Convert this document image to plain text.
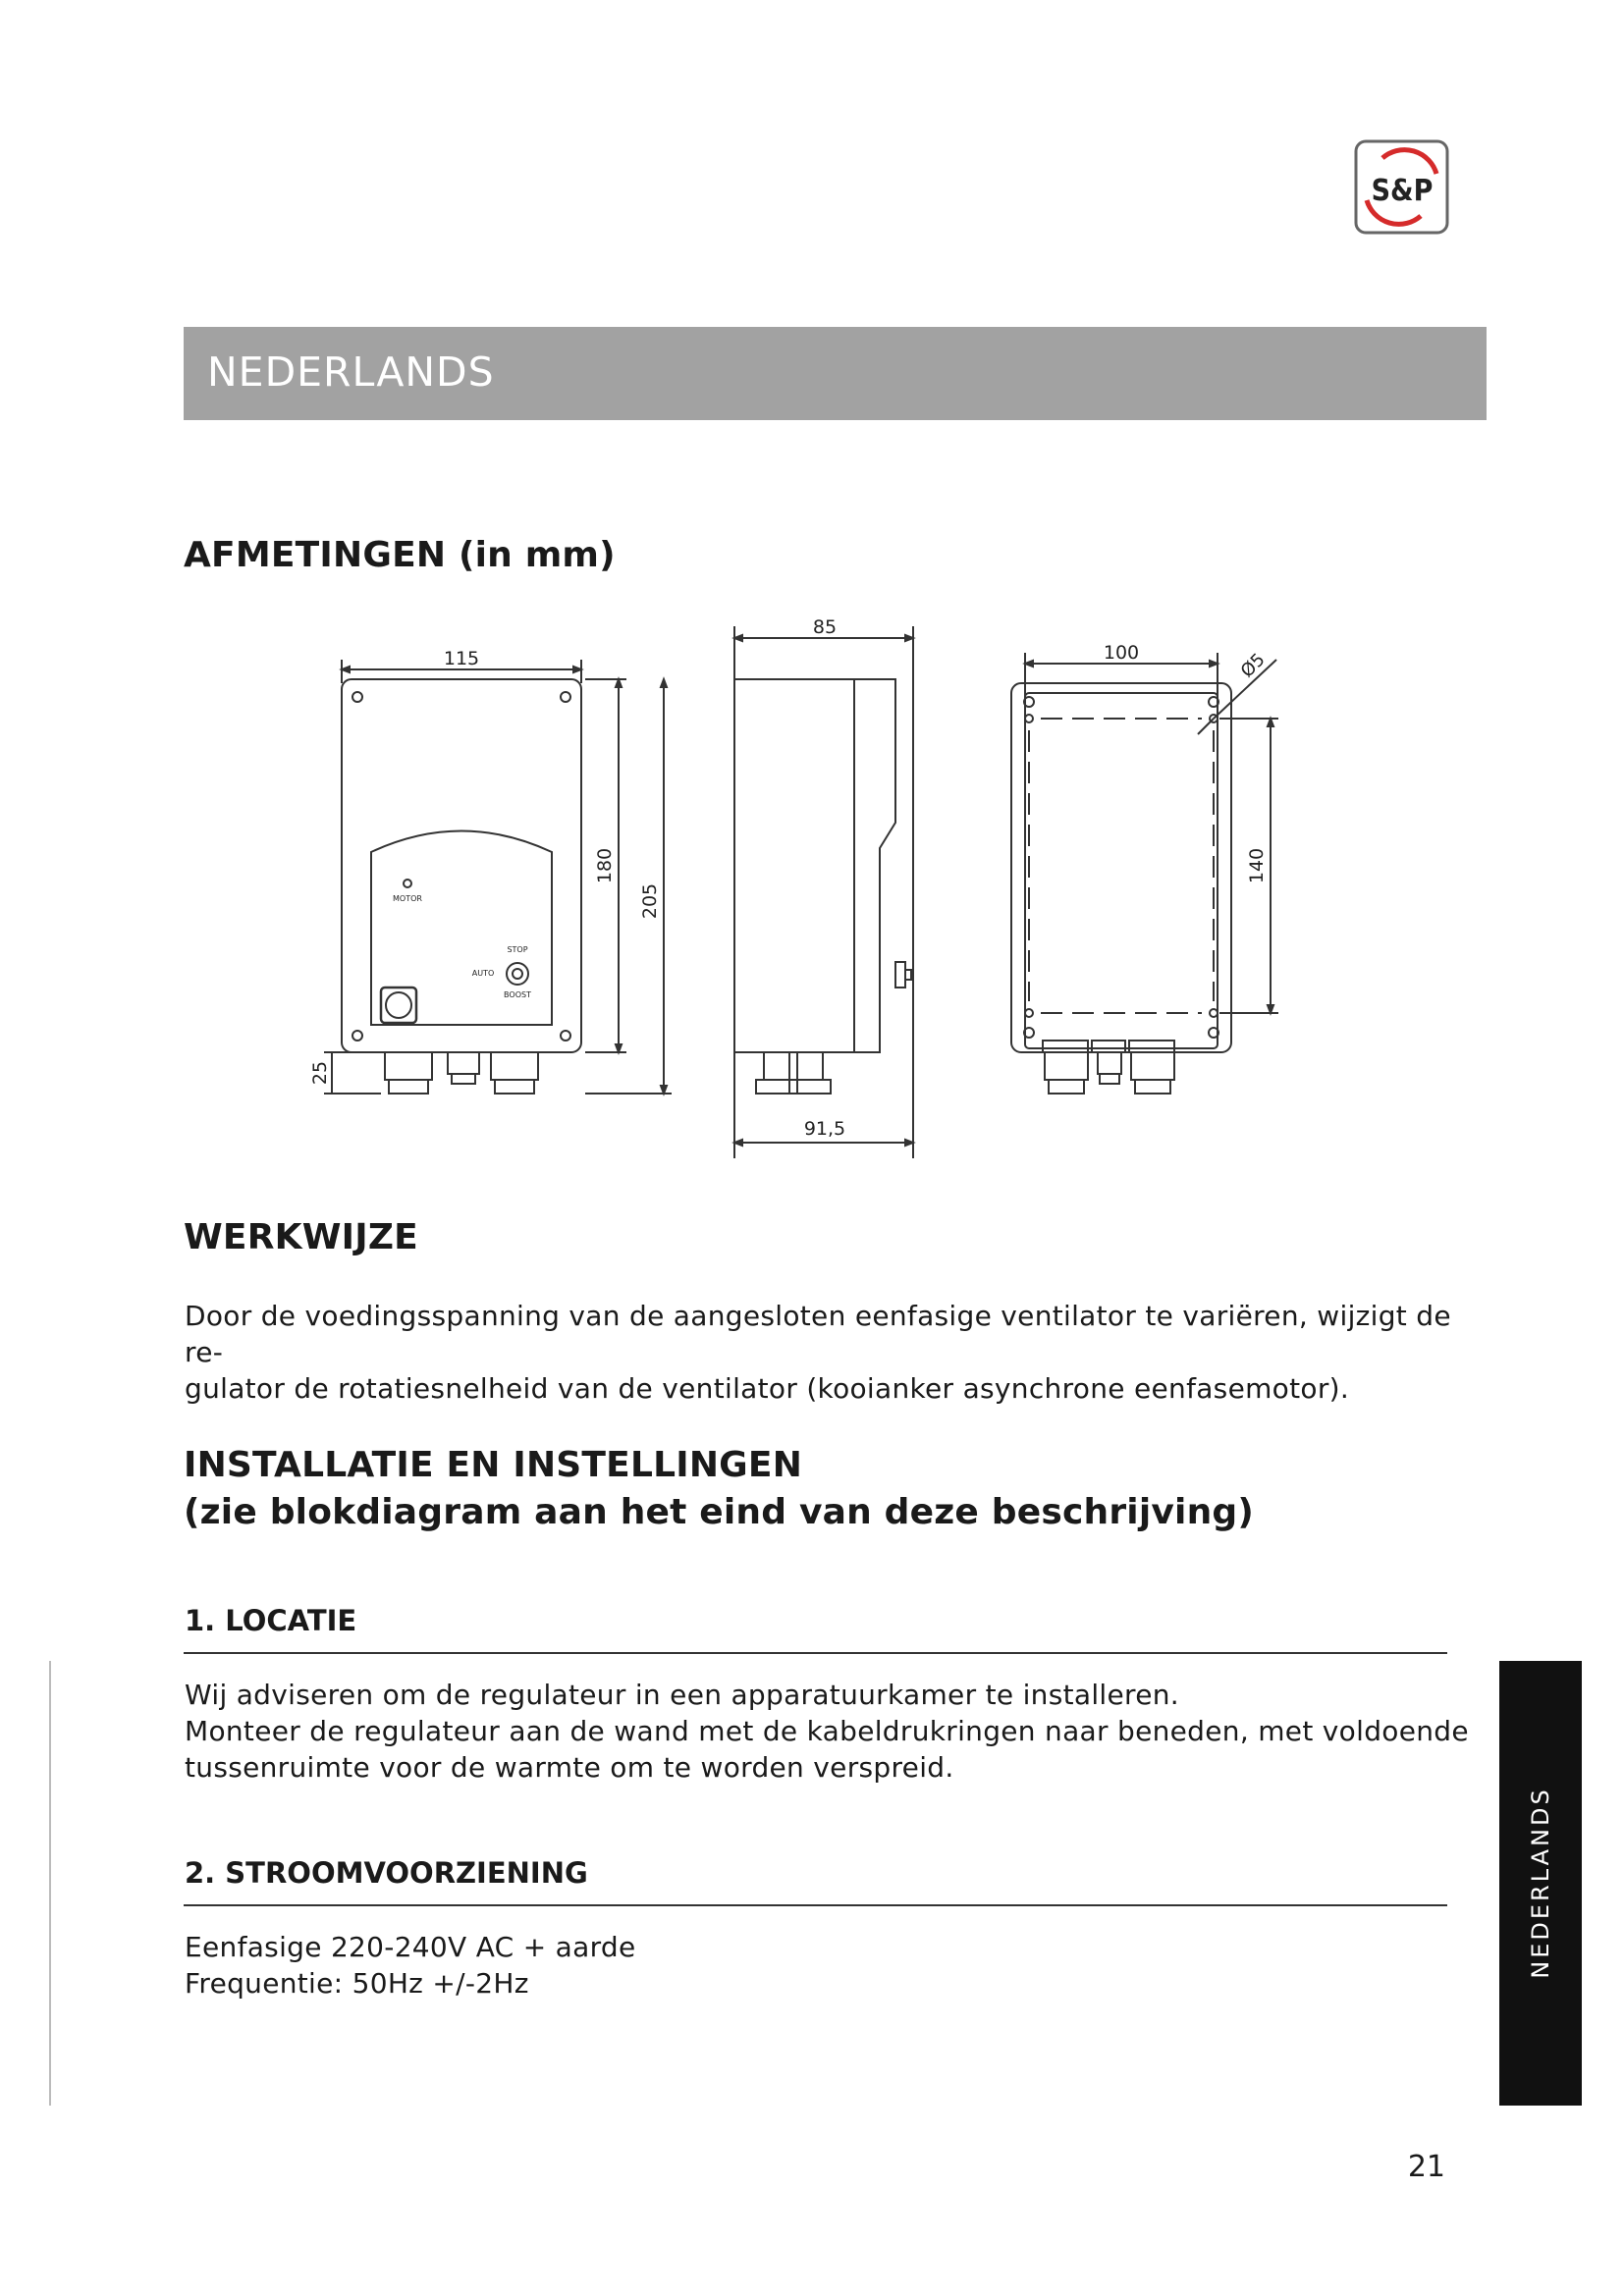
S&P
NEDERLANDS
AFMETINGEN (in mm)
115
MOTOR
STOP
AUTO
BOOST
180
205
25
85
91,5
100	Ø5
140
WERKWIJZE
Door de voedingsspanning van de aangesloten eenfasige ventilator te variëren, wijzigt de re-
gulator de rotatiesnelheid van de ventilator (kooianker asynchrone eenfasemotor).
INSTALLATIE EN INSTELLINGEN
(zie blokdiagram aan het eind van deze beschrijving)
1. LOCATIE
Wij adviseren om de regulateur in een apparatuurkamer te installeren.
Monteer de regulateur aan de wand met de kabeldrukringen naar beneden, met voldoende
tussenruimte voor de warmte om te worden verspreid.
2. STROOMVOORZIENING
Eenfasige 220-240V AC + aarde
Frequentie: 50Hz +/-2Hz
NEDERLANDS
21
